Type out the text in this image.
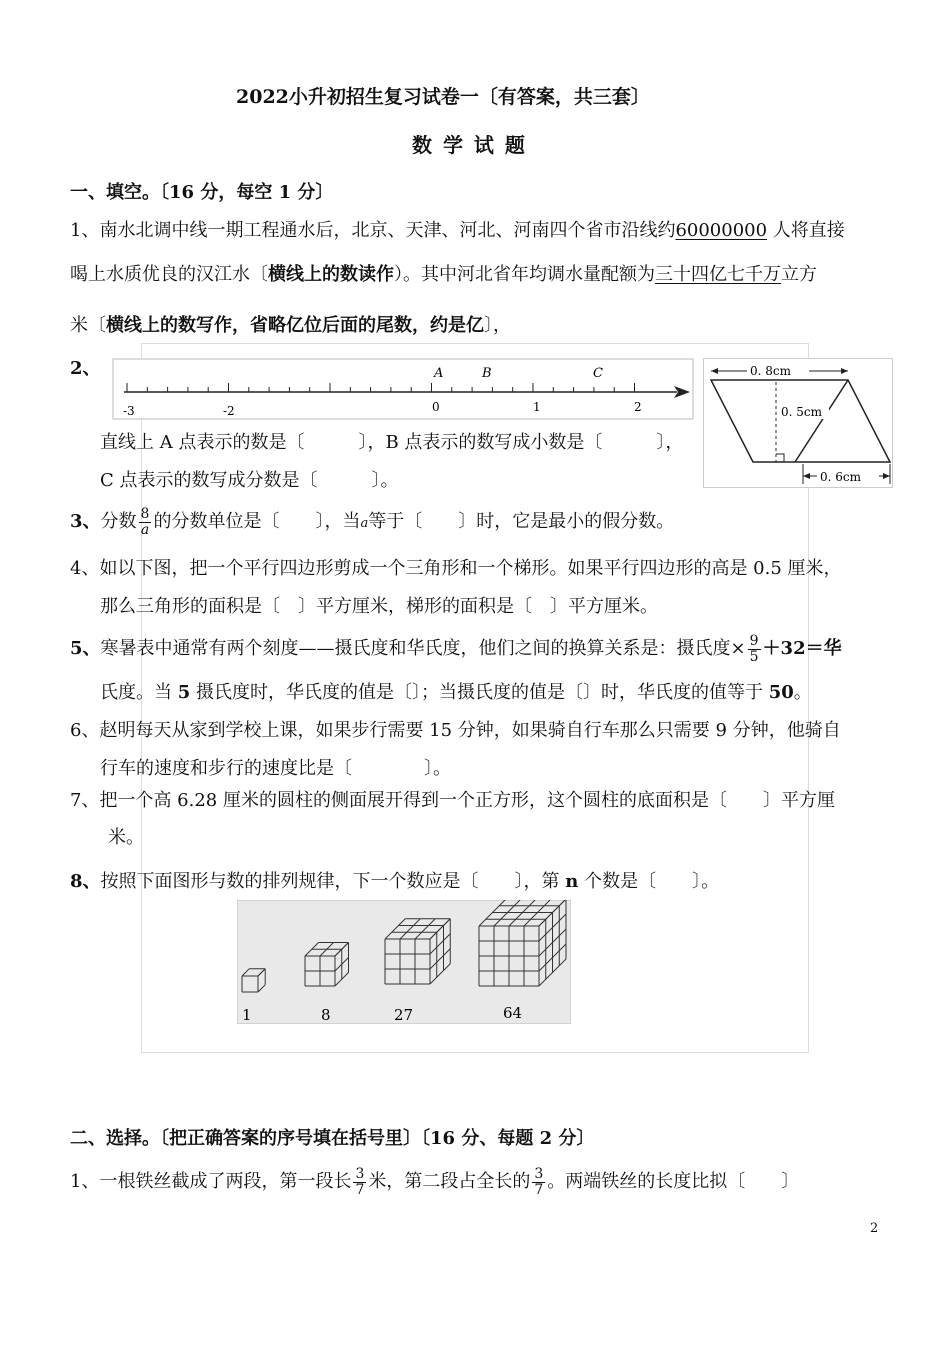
2022小升初招生复习试卷一〔有答案，共三套〕
数 学 试 题
一、填空。〔16 分，每空 1 分〕
1、南水北调中线一期工程通水后，北京、天津、河北、河南四个省市沿线约60000000 人将直接
喝上水质优良的汉江水〔横线上的数读作）。其中河北省年均调水量配额为三十四亿七千万立方
米〔横线上的数写作，省略亿位后面的尾数，约是亿〕，
2、	A	B	C
-3	-2	0	1	2
0. 8cm
0. 5cm
0. 6cm
直线上 A 点表示的数是〔　　　〕，B 点表示的数写成小数是〔　　　〕，
C 点表示的数写成分数是〔　　　〕。
3、分数 $\frac{8}{a}$ 的分数单位是〔　　〕，当a等于〔　　〕时，它是最小的假分数。
4、如以下图，把一个平行四边形剪成一个三角形和一个梯形。如果平行四边形的高是 0.5 厘米，
那么三角形的面积是〔　〕平方厘米，梯形的面积是〔　〕平方厘米。
5、寒暑表中通常有两个刻度——摄氏度和华氏度，他们之间的换算关系是：摄氏度× $\frac{9}{5} +32=$华
氏度。当 5 摄氏度时，华氏度的值是〔〕；当摄氏度的值是〔〕时，华氏度的值等于 50。
6、赵明每天从家到学校上课，如果步行需要 15 分钟，如果骑自行车那么只需要 9 分钟，他骑自
行车的速度和步行的速度比是〔　　　　〕。
7、把一个高 6.28 厘米的圆柱的侧面展开得到一个正方形，这个圆柱的底面积是〔　　〕平方厘
米。
8、按照下面图形与数的排列规律，下一个数应是〔　　〕，第 n 个数是〔　　〕。
1	8	27	64
二、选择。〔把正确答案的序号填在括号里〕〔16 分、每题 2 分〕
1、一根铁丝截成了两段，第一段长 $\frac{3}{7}$ 米，第二段占全长的 $\frac{3}{7}$ 。两端铁丝的长度比拟〔　　〕
2
